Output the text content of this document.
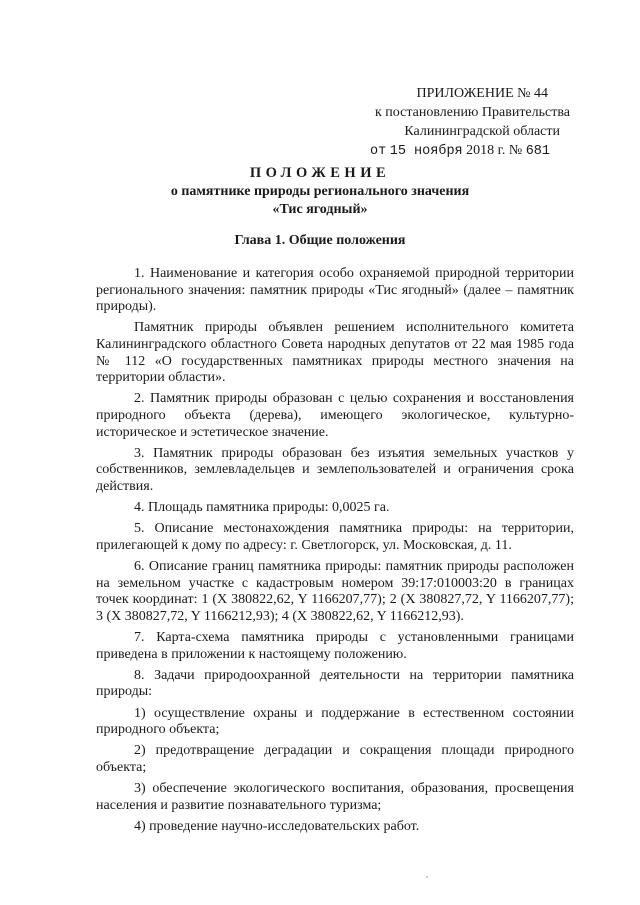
ПРИЛОЖЕНИЕ № 44
к постановлению Правительства
Калининградской области
от 15 ноября 2018 г. № 681
ПОЛОЖЕНИЕ
о памятнике природы регионального значения
«Тис ягодный»
Глава 1. Общие положения

1. Наименование и категория особо охраняемой природной территории регионального значения: памятник природы «Тис ягодный» (далее – памятник природы).

Памятник природы объявлен решением исполнительного комитета Калининградского областного Совета народных депутатов от 22 мая 1985 года № 112 «О государственных памятниках природы местного значения на территории области».

2. Памятник природы образован с целью сохранения и восстановления природного объекта (дерева), имеющего экологическое, культурно-историческое и эстетическое значение.

3. Памятник природы образован без изъятия земельных участков у собственников, землевладельцев и землепользователей и ограничения срока действия.

4. Площадь памятника природы: 0,0025 га.

5. Описание местонахождения памятника природы: на территории, прилегающей к дому по адресу: г. Светлогорск, ул. Московская, д. 11.

6. Описание границ памятника природы: памятник природы расположен на земельном участке с кадастровым номером 39:17:010003:20 в границах точек координат: 1 (X 380822,62, Y 1166207,77); 2 (X 380827,72, Y 1166207,77); 3 (X 380827,72, Y 1166212,93); 4 (X 380822,62, Y 1166212,93).

7. Карта-схема памятника природы с установленными границами приведена в приложении к настоящему положению.

8. Задачи природоохранной деятельности на территории памятника природы:

1) осуществление охраны и поддержание в естественном состоянии природного объекта;

2) предотвращение деградации и сокращения площади природного объекта;

3) обеспечение экологического воспитания, образования, просвещения населения и развитие познавательного туризма;

4) проведение научно-исследовательских работ.
